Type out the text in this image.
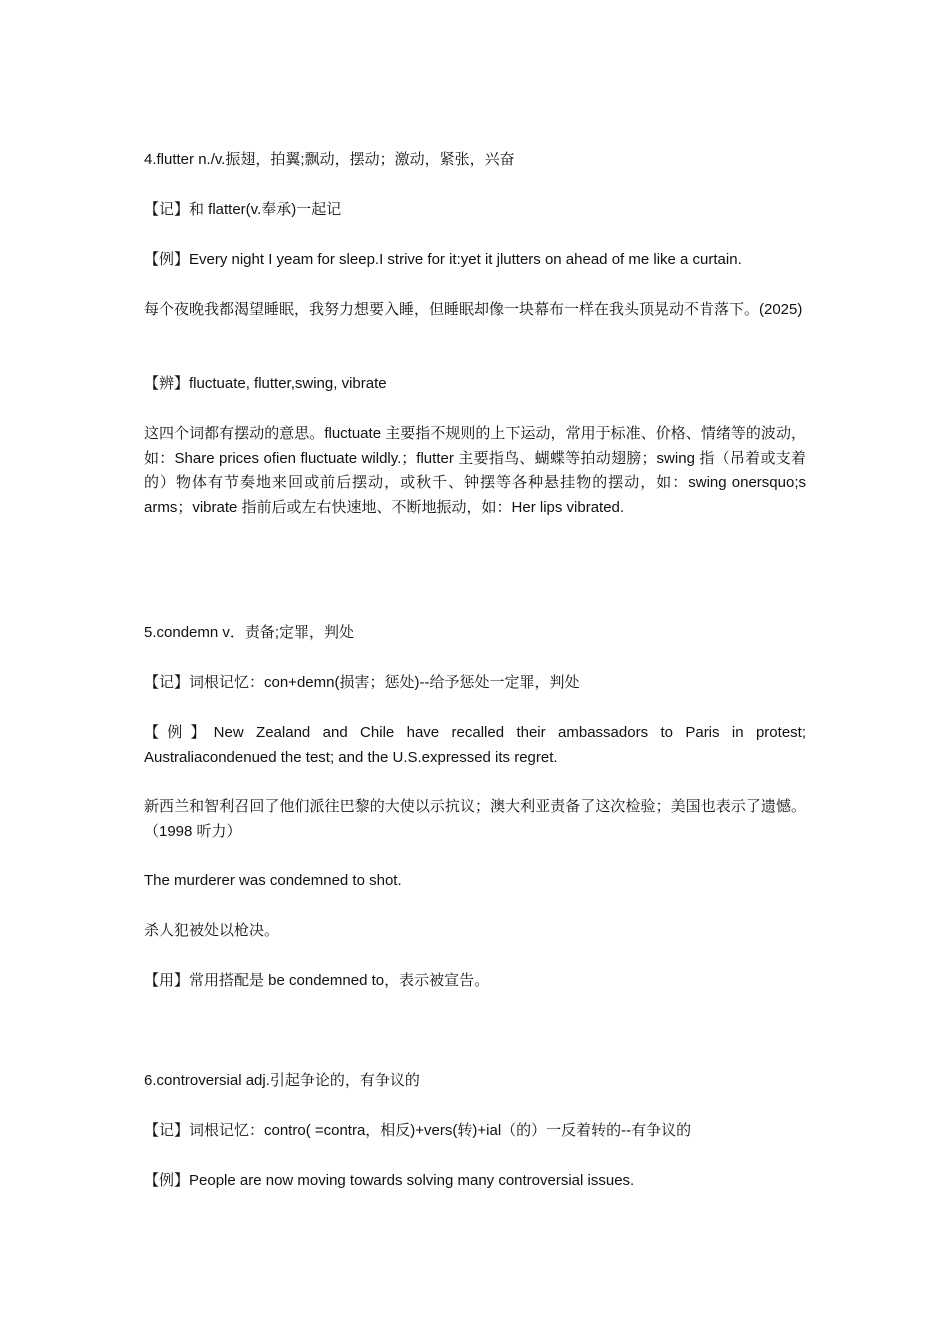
4.flutter n./v.振翅，拍翼;飘动，摆动；激动，紧张，兴奋

【记】和 flatter(v.奉承)一起记

【例】Every night I yeam for sleep.I strive for it:yet it jlutters on ahead of me like a curtain.

每个夜晚我都渴望睡眠，我努力想要入睡，但睡眠却像一块幕布一样在我头顶晃动不肯落下。(2025)

【辨】fluctuate, flutter,swing, vibrate

这四个词都有摆动的意思。fluctuate 主要指不规则的上下运动，常用于标准、价格、情绪等的波动，如：Share prices ofien fluctuate wildly.；flutter 主要指鸟、蝴蝶等拍动翅膀；swing 指（吊着或支着的）物体有节奏地来回或前后摆动，或秋千、钟摆等各种悬挂物的摆动，如：swing onersquo;s arms；vibrate 指前后或左右快速地、不断地振动，如：Her lips vibrated.

5.condemn v．责备;定罪，判处

【记】词根记忆：con+demn(损害；惩处)--给予惩处一定罪，判处

【例】New Zealand and Chile have recalled their ambassadors to Paris in protest; Australiacondenued the test; and the U.S.expressed its regret.

新西兰和智利召回了他们派往巴黎的大使以示抗议；澳大利亚责备了这次检验；美国也表示了遗憾。（1998 听力）

The murderer was condemned to shot.

杀人犯被处以枪决。

【用】常用搭配是 be condemned to，表示被宣告。

6.controversial adj.引起争论的，有争议的

【记】词根记忆：contro( =contra，相反)+vers(转)+ial（的）一反着转的--有争议的

【例】People are now moving towards solving many controversial issues.
